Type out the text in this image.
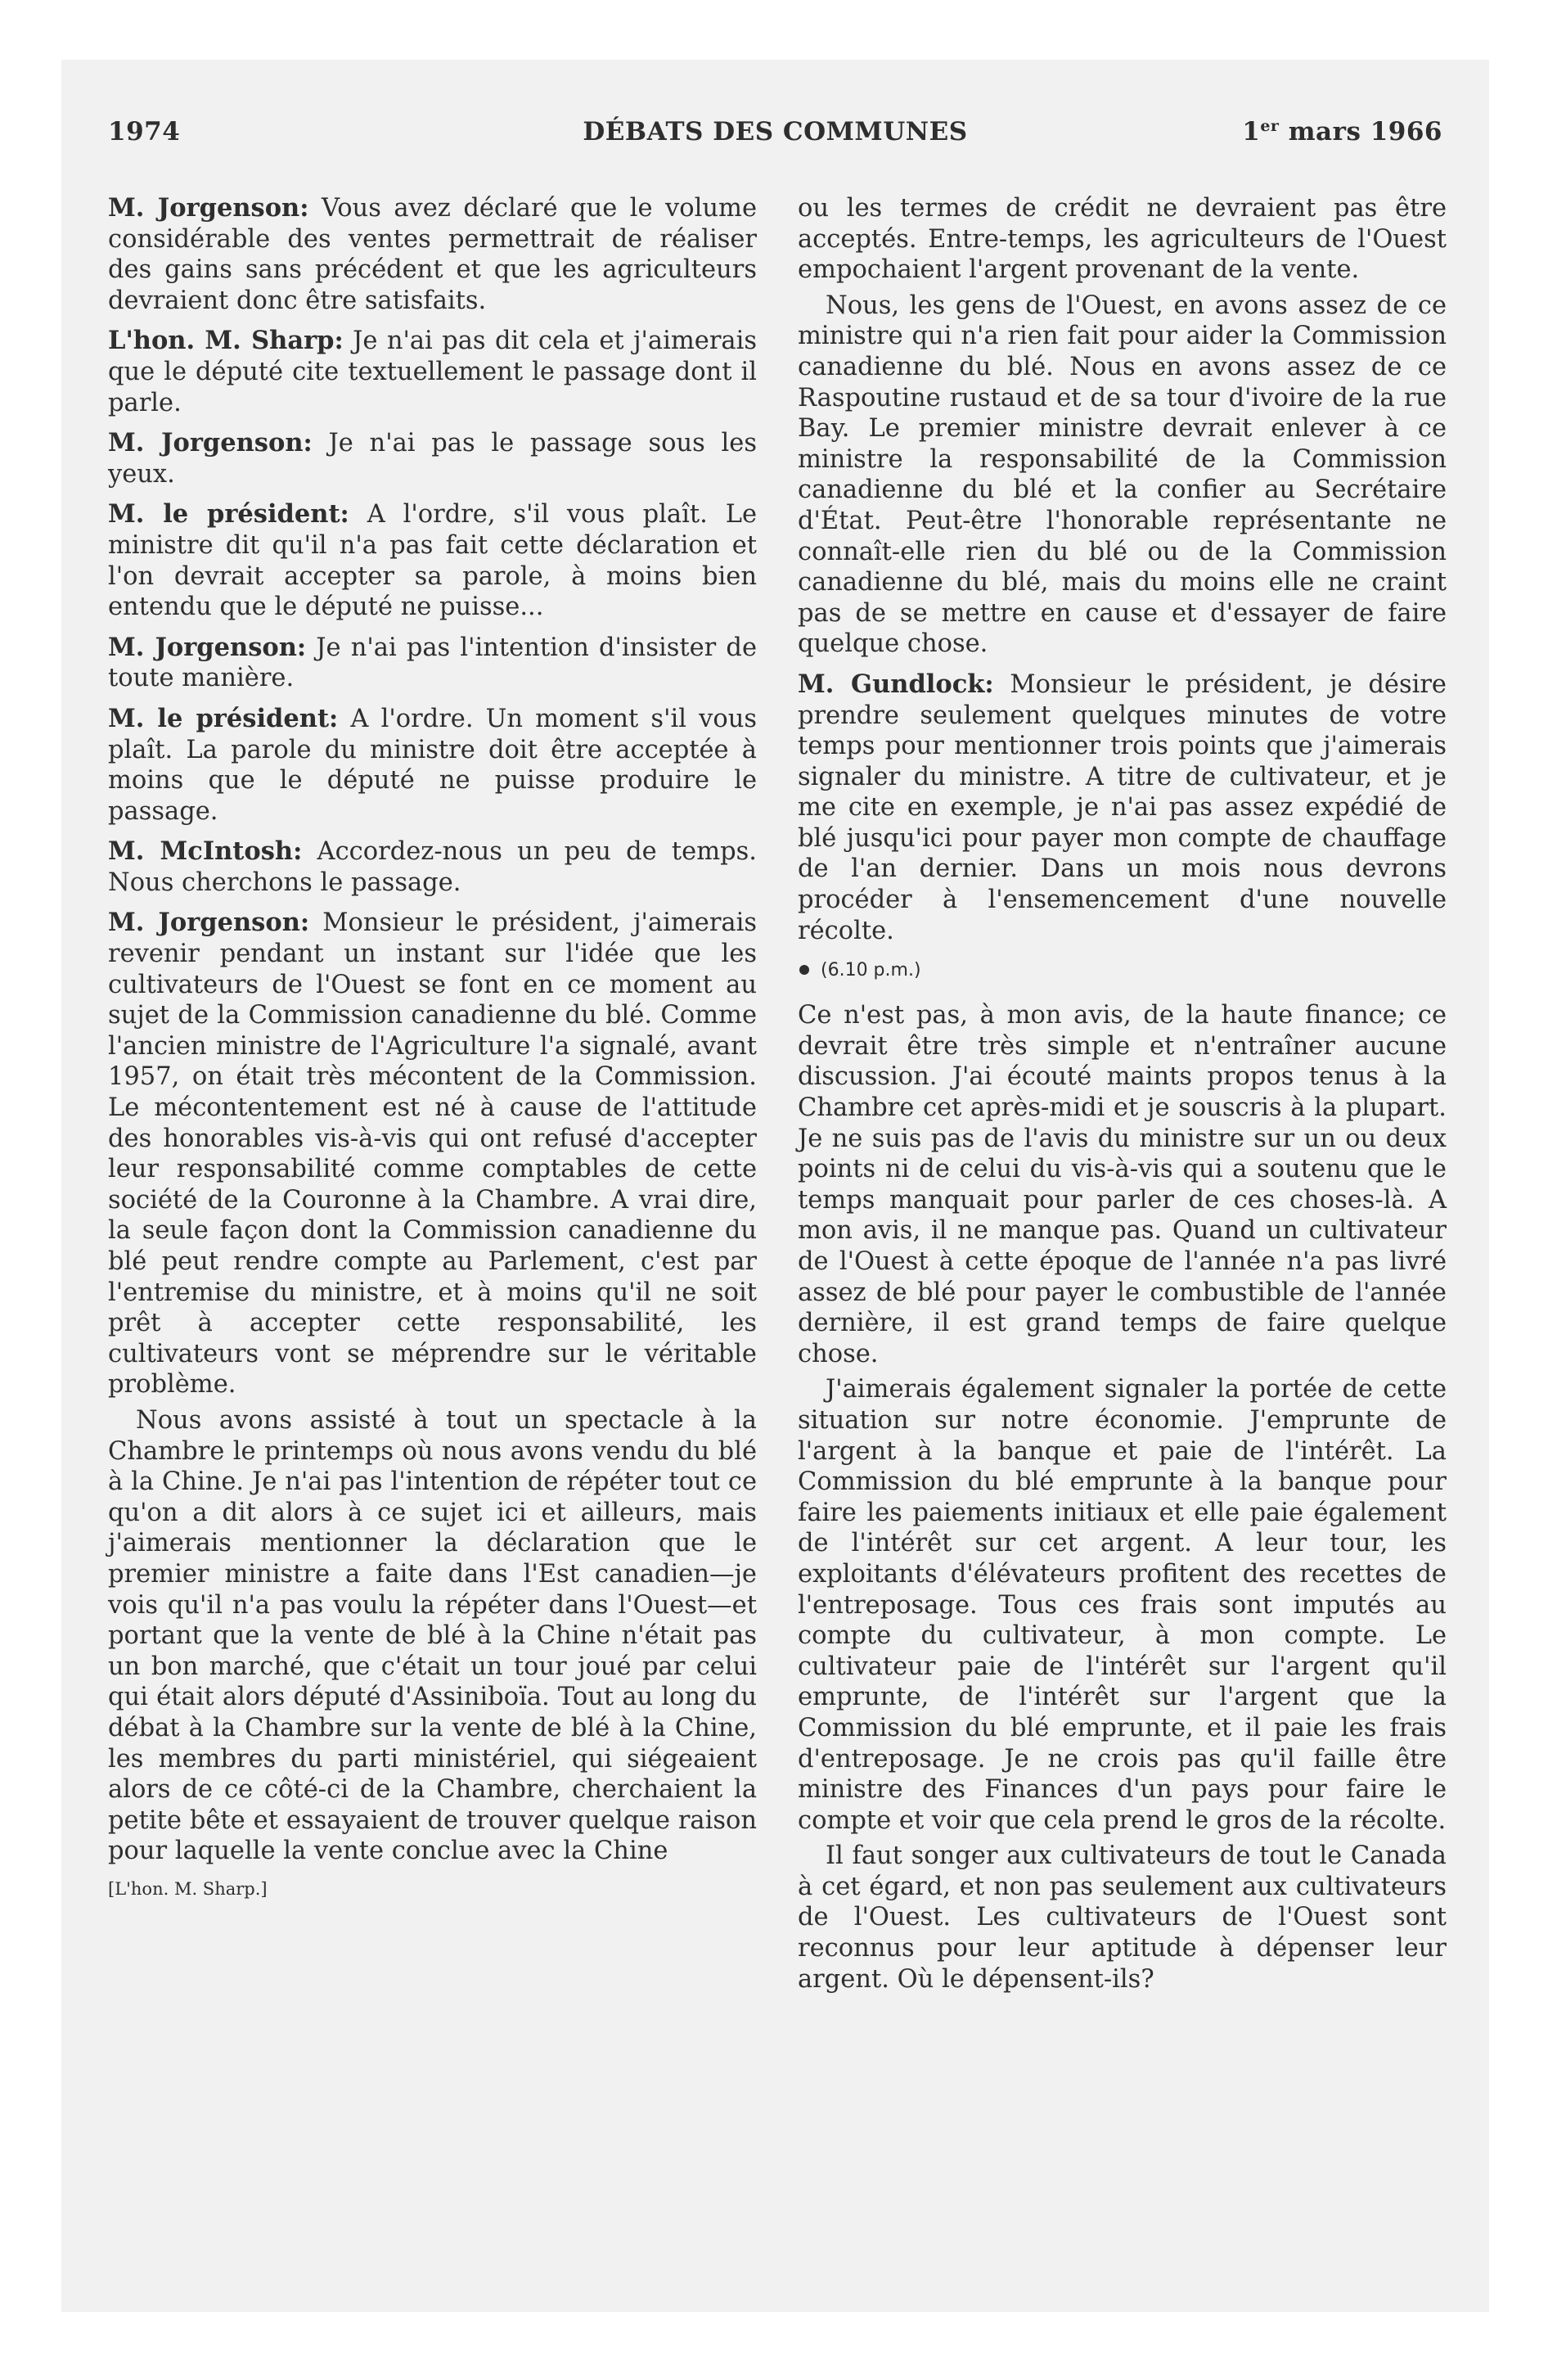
1974	DÉBATS DES COMMUNES	1er mars 1966

M. Jorgenson: Vous avez déclaré que le volume considérable des ventes permettrait de réaliser des gains sans précédent et que les agriculteurs devraient donc être satisfaits.

L'hon. M. Sharp: Je n'ai pas dit cela et j'aimerais que le député cite textuellement le passage dont il parle.

M. Jorgenson: Je n'ai pas le passage sous les yeux.

M. le président: A l'ordre, s'il vous plaît. Le ministre dit qu'il n'a pas fait cette déclaration et l'on devrait accepter sa parole, à moins bien entendu que le député ne puisse...

M. Jorgenson: Je n'ai pas l'intention d'insister de toute manière.

M. le président: A l'ordre. Un moment s'il vous plaît. La parole du ministre doit être acceptée à moins que le député ne puisse produire le passage.

M. McIntosh: Accordez-nous un peu de temps. Nous cherchons le passage.

M. Jorgenson: Monsieur le président, j'aimerais revenir pendant un instant sur l'idée que les cultivateurs de l'Ouest se font en ce moment au sujet de la Commission canadienne du blé. Comme l'ancien ministre de l'Agriculture l'a signalé, avant 1957, on était très mécontent de la Commission. Le mécontentement est né à cause de l'attitude des honorables vis-à-vis qui ont refusé d'accepter leur responsabilité comme comptables de cette société de la Couronne à la Chambre. A vrai dire, la seule façon dont la Commission canadienne du blé peut rendre compte au Parlement, c'est par l'entremise du ministre, et à moins qu'il ne soit prêt à accepter cette responsabilité, les cultivateurs vont se méprendre sur le véritable problème.

Nous avons assisté à tout un spectacle à la Chambre le printemps où nous avons vendu du blé à la Chine. Je n'ai pas l'intention de répéter tout ce qu'on a dit alors à ce sujet ici et ailleurs, mais j'aimerais mentionner la déclaration que le premier ministre a faite dans l'Est canadien—je vois qu'il n'a pas voulu la répéter dans l'Ouest—et portant que la vente de blé à la Chine n'était pas un bon marché, que c'était un tour joué par celui qui était alors député d'Assiniboïa. Tout au long du débat à la Chambre sur la vente de blé à la Chine, les membres du parti ministériel, qui siégeaient alors de ce côté-ci de la Chambre, cherchaient la petite bête et essayaient de trouver quelque raison pour laquelle la vente conclue avec la Chine

[L'hon. M. Sharp.]

ou les termes de crédit ne devraient pas être acceptés. Entre-temps, les agriculteurs de l'Ouest empochaient l'argent provenant de la vente.

Nous, les gens de l'Ouest, en avons assez de ce ministre qui n'a rien fait pour aider la Commission canadienne du blé. Nous en avons assez de ce Raspoutine rustaud et de sa tour d'ivoire de la rue Bay. Le premier ministre devrait enlever à ce ministre la responsabilité de la Commission canadienne du blé et la confier au Secrétaire d'État. Peut-être l'honorable représentante ne connaît-elle rien du blé ou de la Commission canadienne du blé, mais du moins elle ne craint pas de se mettre en cause et d'essayer de faire quelque chose.

M. Gundlock: Monsieur le président, je désire prendre seulement quelques minutes de votre temps pour mentionner trois points que j'aimerais signaler du ministre. A titre de cultivateur, et je me cite en exemple, je n'ai pas assez expédié de blé jusqu'ici pour payer mon compte de chauffage de l'an dernier. Dans un mois nous devrons procéder à l'ensemencement d'une nouvelle récolte.

(6.10 p.m.)

Ce n'est pas, à mon avis, de la haute finance; ce devrait être très simple et n'entraîner aucune discussion. J'ai écouté maints propos tenus à la Chambre cet après-midi et je souscris à la plupart. Je ne suis pas de l'avis du ministre sur un ou deux points ni de celui du vis-à-vis qui a soutenu que le temps manquait pour parler de ces choses-là. A mon avis, il ne manque pas. Quand un cultivateur de l'Ouest à cette époque de l'année n'a pas livré assez de blé pour payer le combustible de l'année dernière, il est grand temps de faire quelque chose.

J'aimerais également signaler la portée de cette situation sur notre économie. J'emprunte de l'argent à la banque et paie de l'intérêt. La Commission du blé emprunte à la banque pour faire les paiements initiaux et elle paie également de l'intérêt sur cet argent. A leur tour, les exploitants d'élévateurs profitent des recettes de l'entreposage. Tous ces frais sont imputés au compte du cultivateur, à mon compte. Le cultivateur paie de l'intérêt sur l'argent qu'il emprunte, de l'intérêt sur l'argent que la Commission du blé emprunte, et il paie les frais d'entreposage. Je ne crois pas qu'il faille être ministre des Finances d'un pays pour faire le compte et voir que cela prend le gros de la récolte.

Il faut songer aux cultivateurs de tout le Canada à cet égard, et non pas seulement aux cultivateurs de l'Ouest. Les cultivateurs de l'Ouest sont reconnus pour leur aptitude à dépenser leur argent. Où le dépensent-ils?
